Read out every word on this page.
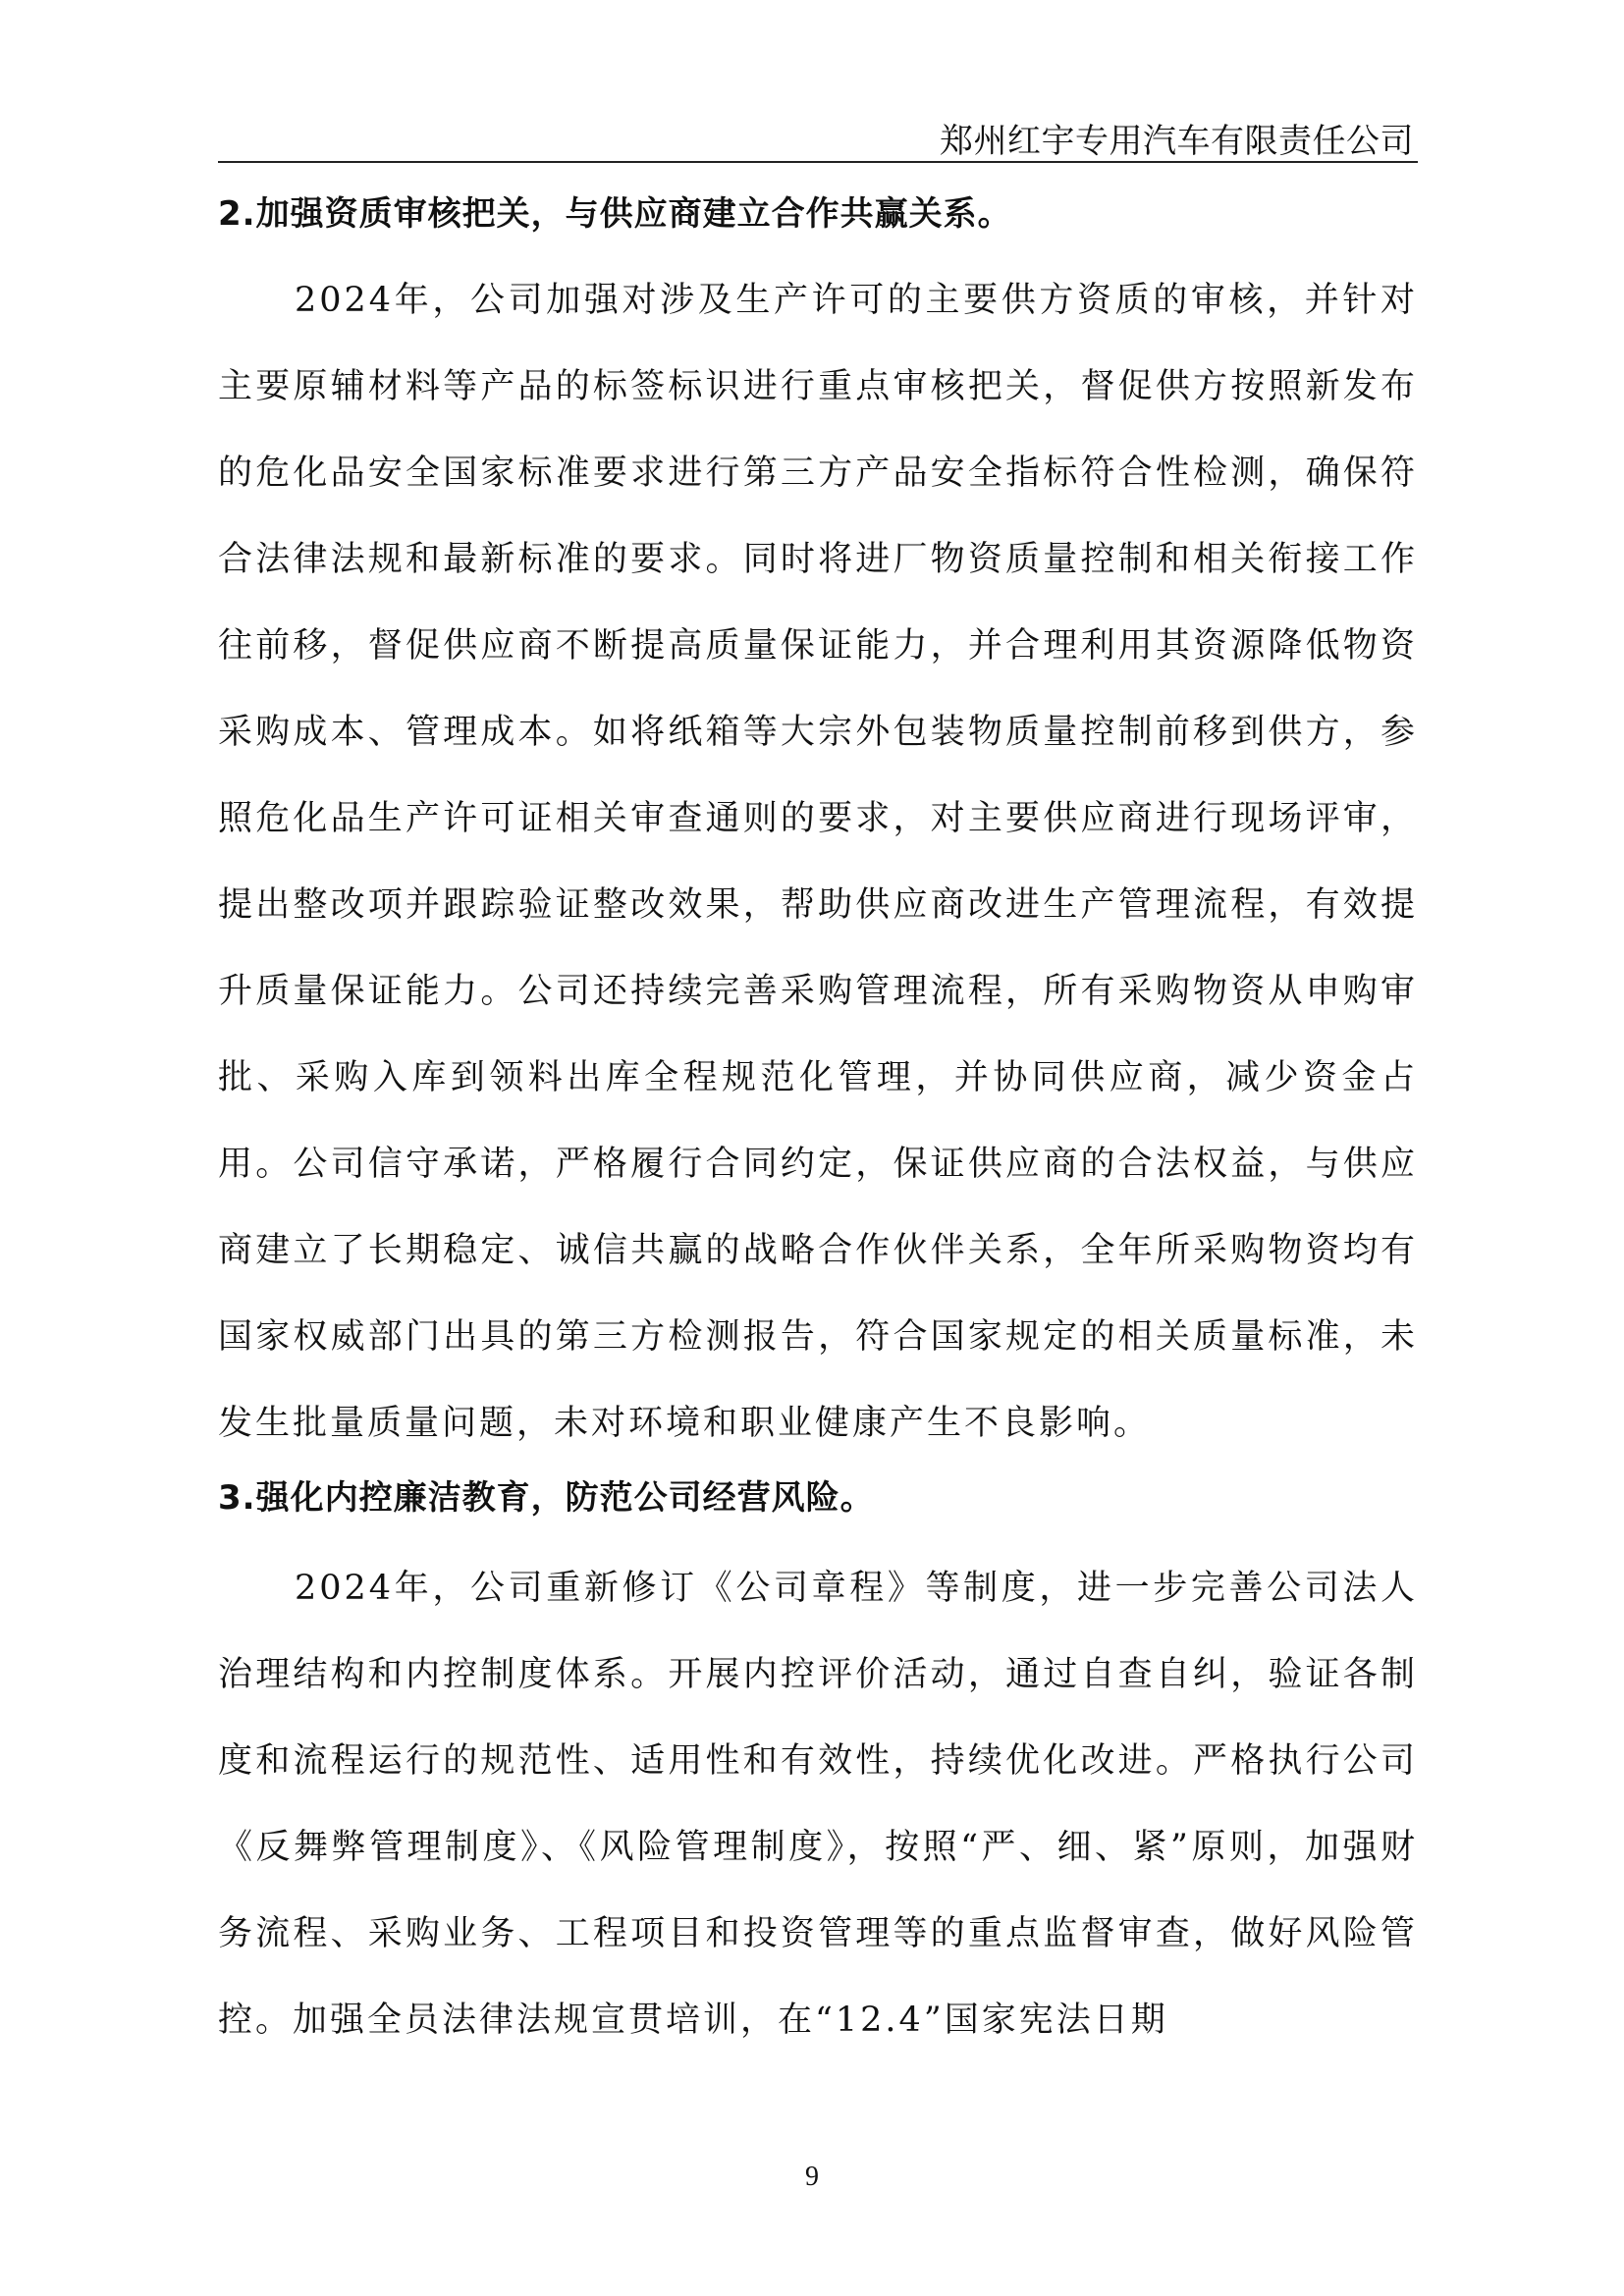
郑州红宇专用汽车有限责任公司
2.加强资质审核把关，与供应商建立合作共赢关系。

2024年，公司加强对涉及生产许可的主要供方资质的审核，并针对主要原辅材料等产品的标签标识进行重点审核把关，督促供方按照新发布的危化品安全国家标准要求进行第三方产品安全指标符合性检测，确保符合法律法规和最新标准的要求。同时将进厂物资质量控制和相关衔接工作往前移，督促供应商不断提高质量保证能力，并合理利用其资源降低物资采购成本、管理成本。如将纸箱等大宗外包装物质量控制前移到供方，参照危化品生产许可证相关审查通则的要求，对主要供应商进行现场评审，提出整改项并跟踪验证整改效果，帮助供应商改进生产管理流程，有效提升质量保证能力。公司还持续完善采购管理流程，所有采购物资从申购审批、采购入库到领料出库全程规范化管理，并协同供应商，减少资金占用。公司信守承诺，严格履行合同约定，保证供应商的合法权益，与供应商建立了长期稳定、诚信共赢的战略合作伙伴关系，全年所采购物资均有国家权威部门出具的第三方检测报告，符合国家规定的相关质量标准，未发生批量质量问题，未对环境和职业健康产生不良影响。

3.强化内控廉洁教育，防范公司经营风险。

2024年，公司重新修订《公司章程》等制度，进一步完善公司法人治理结构和内控制度体系。开展内控评价活动，通过自查自纠，验证各制度和流程运行的规范性、适用性和有效性，持续优化改进。严格执行公司《反舞弊管理制度》、《风险管理制度》，按照“严、细、紧”原则，加强财务流程、采购业务、工程项目和投资管理等的重点监督审查，做好风险管控。加强全员法律法规宣贯培训，在“12.4”国家宪法日期

9
